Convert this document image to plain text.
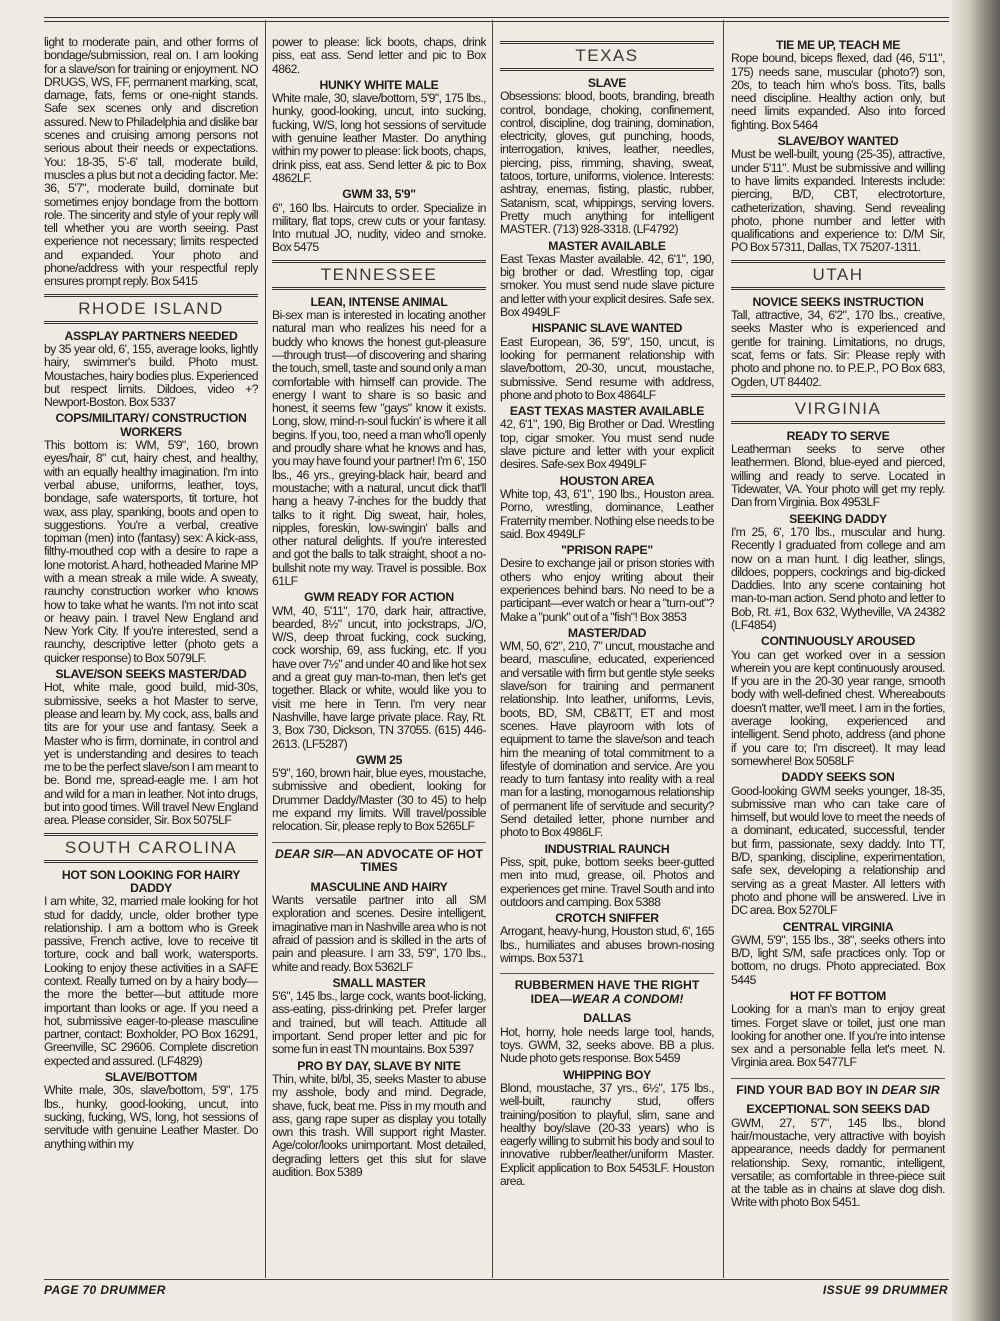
light to moderate pain, and other forms of bondage/submission, real on. I am looking for a slave/son for training or enjoyment. NO DRUGS, WS, FF, permanent marking, scat, damage, fats, fems or one-night stands. Safe sex scenes only and discretion assured. New to Philadelphia and dislike bar scenes and cruising among persons not serious about their needs or expectations. You: 18-35, 5'-6' tall, moderate build, muscles a plus but not a deciding factor. Me: 36, 5'7", moderate build, dominate but sometimes enjoy bondage from the bottom role. The sincerity and style of your reply will tell whether you are worth seeing. Past experience not necessary; limits respected and expanded. Your photo and phone/address with your respectful reply ensures prompt reply. Box 5415
RHODE ISLAND
ASSPLAY PARTNERS NEEDED
by 35 year old, 6', 155, average looks, lightly hairy, swimmer's build. Photo must. Moustaches, hairy bodies plus. Experienced but respect limits. Dildoes, video +? Newport-Boston. Box 5337
COPS/MILITARY/ CONSTRUCTION WORKERS
This bottom is: WM, 5'9", 160, brown eyes/hair, 8" cut, hairy chest, and healthy, with an equally healthy imagination. I'm into verbal abuse, uniforms, leather, toys, bondage, safe watersports, tit torture, hot wax, ass play, spanking, boots and open to suggestions. You're a verbal, creative topman (men) into (fantasy) sex: A kick-ass, filthy-mouthed cop with a desire to rape a lone motorist. A hard, hotheaded Marine MP with a mean streak a mile wide. A sweaty, raunchy construction worker who knows how to take what he wants. I'm not into scat or heavy pain. I travel New England and New York City. If you're interested, send a raunchy, descriptive letter (photo gets a quicker response) to Box 5079LF.
SLAVE/SON SEEKS MASTER/DAD
Hot, white male, good build, mid-30s, submissive, seeks a hot Master to serve, please and learn by. My cock, ass, balls and tits are for your use and fantasy. Seek a Master who is firm, dominate, in control and yet is understanding and desires to teach me to be the perfect slave/son I am meant to be. Bond me, spread-eagle me. I am hot and wild for a man in leather. Not into drugs, but into good times. Will travel New England area. Please consider, Sir. Box 5075LF
SOUTH CAROLINA
HOT SON LOOKING FOR HAIRY DADDY
I am white, 32, married male looking for hot stud for daddy, uncle, older brother type relationship. I am a bottom who is Greek passive, French active, love to receive tit torture, cock and ball work, watersports. Looking to enjoy these activities in a SAFE context. Really turned on by a hairy body—the more the better—but attitude more important than looks or age. If you need a hot, submissive eager-to-please masculine partner, contact: Boxholder, PO Box 16291, Greenville, SC 29606. Complete discretion expected and assured. (LF4829)
SLAVE/BOTTOM
White male, 30s, slave/bottom, 5'9", 175 lbs., hunky, good-looking, uncut, into sucking, fucking, WS, long, hot sessions of servitude with genuine Leather Master. Do anything within my
power to please: lick boots, chaps, drink piss, eat ass. Send letter and pic to Box 4862.
HUNKY WHITE MALE
White male, 30, slave/bottom, 5'9", 175 lbs., hunky, good-looking, uncut, into sucking, fucking, W/S, long hot sessions of servitude with genuine leather Master. Do anything within my power to please: lick boots, chaps, drink piss, eat ass. Send letter & pic to Box 4862LF.
GWM 33, 5'9"
6", 160 lbs. Haircuts to order. Specialize in military, flat tops, crew cuts or your fantasy. Into mutual JO, nudity, video and smoke. Box 5475
TENNESSEE
LEAN, INTENSE ANIMAL
Bi-sex man is interested in locating another natural man who realizes his need for a buddy who knows the honest gut-pleasure—through trust—of discovering and sharing the touch, smell, taste and sound only a man comfortable with himself can provide. The energy I want to share is so basic and honest, it seems few "gays" know it exists. Long, slow, mind-n-soul fuckin' is where it all begins. If you, too, need a man who'll openly and proudly share what he knows and has, you may have found your partner! I'm 6', 150 lbs., 46 yrs., greying-black hair, beard and moustache; with a natural, uncut dick that'll hang a heavy 7-inches for the buddy that talks to it right. Dig sweat, hair, holes, nipples, foreskin, low-swingin' balls and other natural delights. If you're interested and got the balls to talk straight, shoot a no-bullshit note my way. Travel is possible. Box 61LF
GWM READY FOR ACTION
WM, 40, 5'11", 170, dark hair, attractive, bearded, 8½" uncut, into jockstraps, J/O, W/S, deep throat fucking, cock sucking, cock worship, 69, ass fucking, etc. If you have over 7½" and under 40 and like hot sex and a great guy man-to-man, then let's get together. Black or white, would like you to visit me here in Tenn. I'm very near Nashville, have large private place. Ray, Rt. 3, Box 730, Dickson, TN 37055. (615) 446-2613. (LF5287)
GWM 25
5'9", 160, brown hair, blue eyes, moustache, submissive and obedient, looking for Drummer Daddy/Master (30 to 45) to help me expand my limits. Will travel/possible relocation. Sir, please reply to Box 5265LF
DEAR SIR—AN ADVOCATE OF HOT TIMES
MASCULINE AND HAIRY
Wants versatile partner into all SM exploration and scenes. Desire intelligent, imaginative man in Nashville area who is not afraid of passion and is skilled in the arts of pain and pleasure. I am 33, 5'9", 170 lbs., white and ready. Box 5362LF
SMALL MASTER
5'6", 145 lbs., large cock, wants boot-licking, ass-eating, piss-drinking pet. Prefer larger and trained, but will teach. Attitude all important. Send proper letter and pic for some fun in east TN mountains. Box 5397
PRO BY DAY, SLAVE BY NITE
Thin, white, bl/bl, 35, seeks Master to abuse my asshole, body and mind. Degrade, shave, fuck, beat me. Piss in my mouth and ass, gang rape super as display you totally own this trash. Will support right Master. Age/color/looks unimportant. Most detailed, degrading letters get this slut for slave audition. Box 5389
TEXAS
SLAVE
Obsessions: blood, boots, branding, breath control, bondage, choking, confinement, control, discipline, dog training, domination, electricity, gloves, gut punching, hoods, interrogation, knives, leather, needles, piercing, piss, rimming, shaving, sweat, tatoos, torture, uniforms, violence. Interests: ashtray, enemas, fisting, plastic, rubber, Satanism, scat, whippings, serving lovers. Pretty much anything for intelligent MASTER. (713) 928-3318. (LF4792)
MASTER AVAILABLE
East Texas Master available. 42, 6'1", 190, big brother or dad. Wrestling top, cigar smoker. You must send nude slave picture and letter with your explicit desires. Safe sex. Box 4949LF
HISPANIC SLAVE WANTED
East European, 36, 5'9", 150, uncut, is looking for permanent relationship with slave/bottom, 20-30, uncut, moustache, submissive. Send resume with address, phone and photo to Box 4864LF
EAST TEXAS MASTER AVAILABLE
42, 6'1", 190, Big Brother or Dad. Wrestling top, cigar smoker. You must send nude slave picture and letter with your explicit desires. Safe-sex Box 4949LF
HOUSTON AREA
White top, 43, 6'1", 190 lbs., Houston area. Porno, wrestling, dominance, Leather Fraternity member. Nothing else needs to be said. Box 4949LF
"PRISON RAPE"
Desire to exchange jail or prison stories with others who enjoy writing about their experiences behind bars. No need to be a participant—ever watch or hear a "turn-out"? Make a "punk" out of a "fish"! Box 3853
MASTER/DAD
WM, 50, 6'2", 210, 7" uncut, moustache and beard, masculine, educated, experienced and versatile with firm but gentle style seeks slave/son for training and permanent relationship. Into leather, uniforms, Levis, boots, BD, SM, CB&TT, ET and most scenes. Have playroom with lots of equipment to tame the slave/son and teach him the meaning of total commitment to a lifestyle of domination and service. Are you ready to turn fantasy into reality with a real man for a lasting, monogamous relationship of permanent life of servitude and security? Send detailed letter, phone number and photo to Box 4986LF.
INDUSTRIAL RAUNCH
Piss, spit, puke, bottom seeks beer-gutted men into mud, grease, oil. Photos and experiences get mine. Travel South and into outdoors and camping. Box 5388
CROTCH SNIFFER
Arrogant, heavy-hung, Houston stud, 6', 165 lbs., humiliates and abuses brown-nosing wimps. Box 5371
RUBBERMEN HAVE THE RIGHT IDEA—WEAR A CONDOM!
DALLAS
Hot, horny, hole needs large tool, hands, toys. GWM, 32, seeks above. BB a plus. Nude photo gets response. Box 5459
WHIPPING BOY
Blond, moustache, 37 yrs., 6½", 175 lbs., well-built, raunchy stud, offers training/position to playful, slim, sane and healthy boy/slave (20-33 years) who is eagerly willing to submit his body and soul to innovative rubber/leather/uniform Master. Explicit application to Box 5453LF. Houston area.
TIE ME UP, TEACH ME
Rope bound, biceps flexed, dad (46, 5'11", 175) needs sane, muscular (photo?) son, 20s, to teach him who's boss. Tits, balls need discipline. Healthy action only, but need limits expanded. Also into forced fighting. Box 5464
SLAVE/BOY WANTED
Must be well-built, young (25-35), attractive, under 5'11". Must be submissive and willing to have limits expanded. Interests include: piercing, B/D, CBT, electrotorture, catheterization, shaving. Send revealing photo, phone number and letter with qualifications and experience to: D/M Sir, PO Box 57311, Dallas, TX 75207-1311.
UTAH
NOVICE SEEKS INSTRUCTION
Tall, attractive, 34, 6'2", 170 lbs., creative, seeks Master who is experienced and gentle for training. Limitations, no drugs, scat, fems or fats. Sir: Please reply with photo and phone no. to P.E.P., PO Box 683, Ogden, UT 84402.
VIRGINIA
READY TO SERVE
Leatherman seeks to serve other leathermen. Blond, blue-eyed and pierced, willing and ready to serve. Located in Tidewater, VA. Your photo will get my reply. Dan from Virginia. Box 4953LF
SEEKING DADDY
I'm 25, 6', 170 lbs., muscular and hung. Recently I graduated from college and am now on a man hunt. I dig leather, slings, dildoes, poppers, cockrings and big-dicked Daddies. Into any scene containing hot man-to-man action. Send photo and letter to Bob, Rt. #1, Box 632, Wytheville, VA 24382 (LF4854)
CONTINUOUSLY AROUSED
You can get worked over in a session wherein you are kept continuously aroused. If you are in the 20-30 year range, smooth body with well-defined chest. Whereabouts doesn't matter, we'll meet. I am in the forties, average looking, experienced and intelligent. Send photo, address (and phone if you care to; I'm discreet). It may lead somewhere! Box 5058LF
DADDY SEEKS SON
Good-looking GWM seeks younger, 18-35, submissive man who can take care of himself, but would love to meet the needs of a dominant, educated, successful, tender but firm, passionate, sexy daddy. Into TT, B/D, spanking, discipline, experimentation, safe sex, developing a relationship and serving as a great Master. All letters with photo and phone will be answered. Live in DC area. Box 5270LF
CENTRAL VIRGINIA
GWM, 5'9", 155 lbs., 38", seeks others into B/D, light S/M, safe practices only. Top or bottom, no drugs. Photo appreciated. Box 5445
HOT FF BOTTOM
Looking for a man's man to enjoy great times. Forget slave or toilet, just one man looking for another one. If you're into intense sex and a personable fella let's meet. N. Virginia area. Box 5477LF
FIND YOUR BAD BOY IN DEAR SIR
EXCEPTIONAL SON SEEKS DAD
GWM, 27, 5'7", 145 lbs., blond hair/moustache, very attractive with boyish appearance, needs daddy for permanent relationship. Sexy, romantic, intelligent, versatile; as comfortable in three-piece suit at the table as in chains at slave dog dish. Write with photo Box 5451.
PAGE 70 DRUMMER	ISSUE 99 DRUMMER
